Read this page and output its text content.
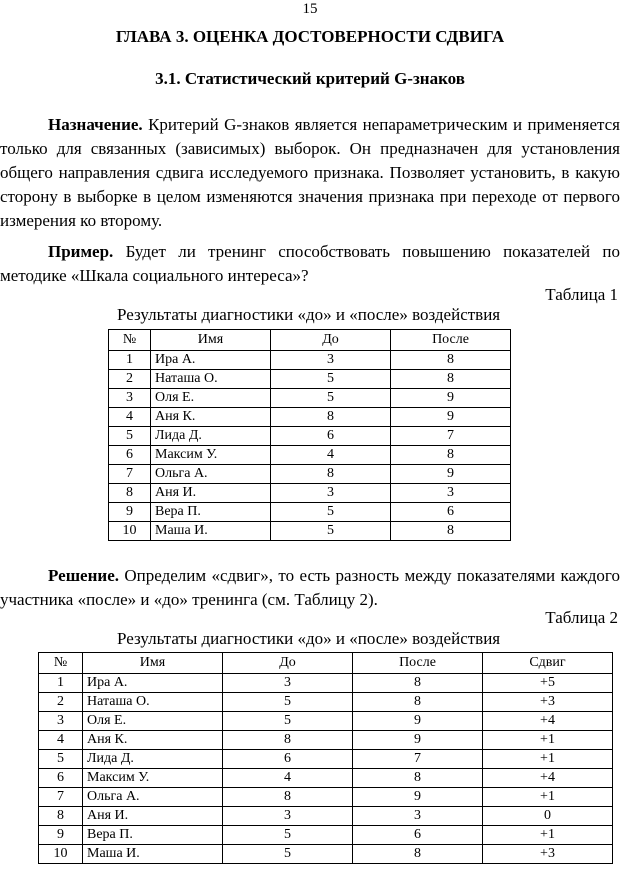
15
ГЛАВА 3. ОЦЕНКА ДОСТОВЕРНОСТИ СДВИГА
3.1. Статистический критерий G-знаков

Назначение. Критерий G-знаков является непараметрическим и применяется только для связанных (зависимых) выборок. Он предназначен для установления общего направления сдвига исследуемого признака. Позволяет установить, в какую сторону в выборке в целом изменяются значения признака при переходе от первого измерения ко второму.

Пример. Будет ли тренинг способствовать повышению показателей по методике «Шкала социального интереса»?

Таблица 1
Результаты диагностики «до» и «после» воздействия
№	Имя	До	После
1	Ира А.	3	8
2	Наташа О.	5	8
3	Оля Е.	5	9
4	Аня К.	8	9
5	Лида Д.	6	7
6	Максим У.	4	8
7	Ольга А.	8	9
8	Аня И.	3	3
9	Вера П.	5	6
10	Маша И.	5	8

Решение. Определим «сдвиг», то есть разность между показателями каждого участника «после» и «до» тренинга (см. Таблицу 2).

Таблица 2
Результаты диагностики «до» и «после» воздействия
№	Имя	До	После	Сдвиг
1	Ира А.	3	8	+5
2	Наташа О.	5	8	+3
3	Оля Е.	5	9	+4
4	Аня К.	8	9	+1
5	Лида Д.	6	7	+1
6	Максим У.	4	8	+4
7	Ольга А.	8	9	+1
8	Аня И.	3	3	0
9	Вера П.	5	6	+1
10	Маша И.	5	8	+3
